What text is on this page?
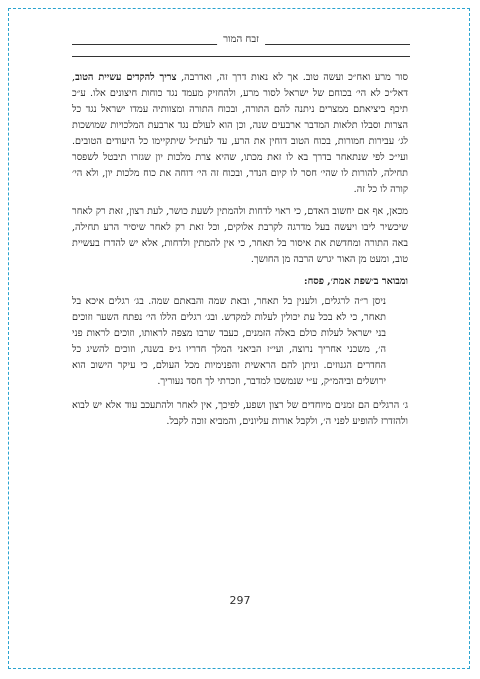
זבח המור

סור מרע ואח״כ ועשה טוב. אך לא נאות דרך זה, ואדרבה, צריך להקדים עשיית הטוב, דאל״כ לא הי׳ בכוחם של ישראל לסור מרע, ולהחזיק מעמד נגד כוחות חיצונים אלו. ע״כ תיכף ביציאתם ממצרים ניתנה להם התורה, ובכוח התורה ומצוותיה עמדו ישראל נגד כל הצרות וסבלו תלאות המדבר ארבעים שנה, וכן הוא לעולם נגד ארבעת המלכויות שמושכות לג׳ עבירות חמורות, בכוח הטוב דוחין את הרע, עד לעת״ל שיתקיימו כל היעודים הטובים. ועי״כ לפי שנתאחר בדרך בא לו זאת מכתו, שהיא צרת מלכות יון שגזרו תיבטל לשפסר תחילה, להורות לו שהי׳ חסר לו קיום הנדר, ובכוח זה הי׳ דוחה את כוח מלכות יון, ולא הי׳ קורה לו כל זה.

מכאן, אף אם יחשוב האדם, כי ראוי לדחות ולהמתין לשעת כושר, לעת רצון, זאת רק לאחר שיכשיר ליבו ויעשה בעל מדרגה לקרבת אלוקים, וכל זאת רק לאחר שיסיר הרע תחילה, באה התורה ומחדשת את איסור בל תאחר, כי אין להמתין ולדחות, אלא יש להדרז בעשיית טוב, ומעט מן האור יגרש הרבה מן החושך.

ומבואר ב׳שפת אמת׳, פסח:

ניסן ר״ה לרגלים, ולענין בל תאחר, ובאת שמה והבאתם שמה. בג׳ רגלים איכא בל תאחר, כי לא בכל עת יכולין לעלות למקדש. ובג׳ רגלים הללו הי׳ נפתח השער וזוכים בני ישראל לעלות כולם באלה הזמנים, כעבד שרבו מצפה לראותו, וזוכים לראות פני ה׳, משכני אחריך נרוצה, ועי״ז הביאני המלך חדריו ג״פ בשנה, וזוכים להשיג כל החדרים הגנוזים. וניתן להם הראשית והפנימיות מכל העולם, כי עיקר הישוב הוא ירושלים וביהמ״ק, ע״י שנמשכו למדבר, וזכרתי לך חסד נעוריך.

ג׳ הרגלים הם זמנים מיוחדים של רצון ושפע, לפיכך, אין לאחר ולהתעכב עוד אלא יש לבוא ולהזדרז להופיע לפני ה׳, ולקבל אורות עליונים, והמביא זוכה לקבל.

297
